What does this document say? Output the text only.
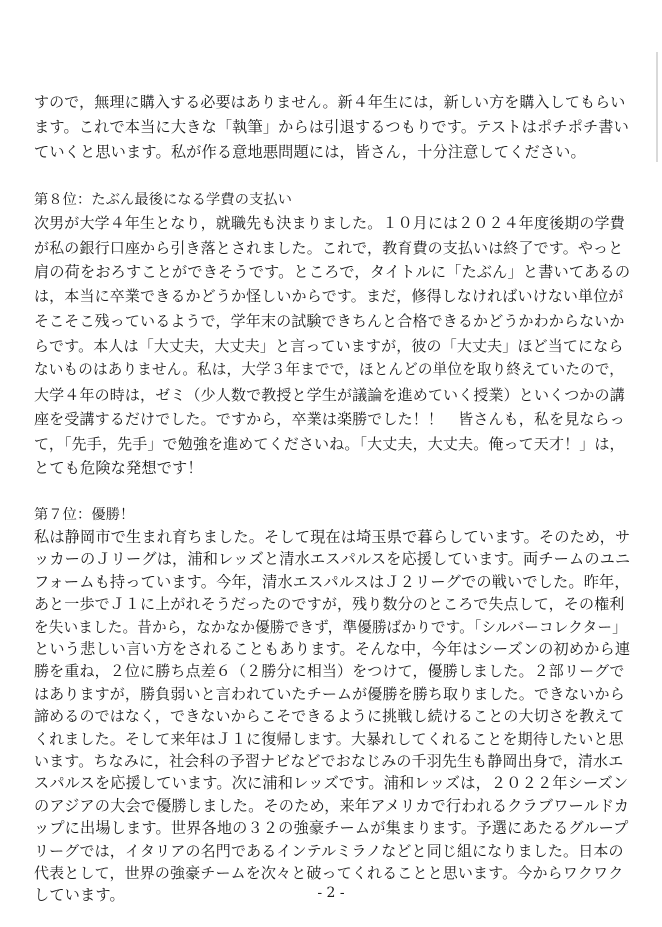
すので，無理に購入する必要はありません。新４年生には，新しい方を購入してもらい
ます。これで本当に大きな「執筆」からは引退するつもりです。テストはポチポチ書い
ていくと思います。私が作る意地悪問題には，皆さん，十分注意してください。
第８位：たぶん最後になる学費の支払い
次男が大学４年生となり，就職先も決まりました。１０月には２０２４年度後期の学費
が私の銀行口座から引き落とされました。これで，教育費の支払いは終了です。やっと
肩の荷をおろすことができそうです。ところで，タイトルに「たぶん」と書いてあるの
は，本当に卒業できるかどうか怪しいからです。まだ，修得しなければいけない単位が
そこそこ残っているようで，学年末の試験できちんと合格できるかどうかわからないか
らです。本人は「大丈夫，大丈夫」と言っていますが，彼の「大丈夫」ほど当てになら
ないものはありません。私は，大学３年までで，ほとんどの単位を取り終えていたので，
大学４年の時は，ゼミ（少人数で教授と学生が議論を進めていく授業）といくつかの講
座を受講するだけでした。ですから，卒業は楽勝でした！！　皆さんも，私を見ならっ
て，「先手，先手」で勉強を進めてくださいね。「大丈夫，大丈夫。俺って天才！」は，
とても危険な発想です！
第７位：優勝！
私は静岡市で生まれ育ちました。そして現在は埼玉県で暮らしています。そのため，サ
ッカーのＪリーグは，浦和レッズと清水エスパルスを応援しています。両チームのユニ
フォームも持っています。今年，清水エスパルスはＪ２リーグでの戦いでした。昨年，
あと一歩でＪ１に上がれそうだったのですが，残り数分のところで失点して，その権利
を失いました。昔から，なかなか優勝できず，準優勝ばかりです。「シルバーコレクター」
という悲しい言い方をされることもあります。そんな中，今年はシーズンの初めから連
勝を重ね，２位に勝ち点差６（２勝分に相当）をつけて，優勝しました。２部リーグで
はありますが，勝負弱いと言われていたチームが優勝を勝ち取りました。できないから
諦めるのではなく，できないからこそできるように挑戦し続けることの大切さを教えて
くれました。そして来年はＪ１に復帰します。大暴れしてくれることを期待したいと思
います。ちなみに，社会科の予習ナビなどでおなじみの千羽先生も静岡出身で，清水エ
スパルスを応援しています。次に浦和レッズです。浦和レッズは，２０２２年シーズン
のアジアの大会で優勝しました。そのため，来年アメリカで行われるクラブワールドカ
ップに出場します。世界各地の３２の強豪チームが集まります。予選にあたるグループ
リーグでは，イタリアの名門であるインテルミラノなどと同じ組になりました。日本の
代表として，世界の強豪チームを次々と破ってくれることと思います。今からワクワク
しています。	- 2 -
